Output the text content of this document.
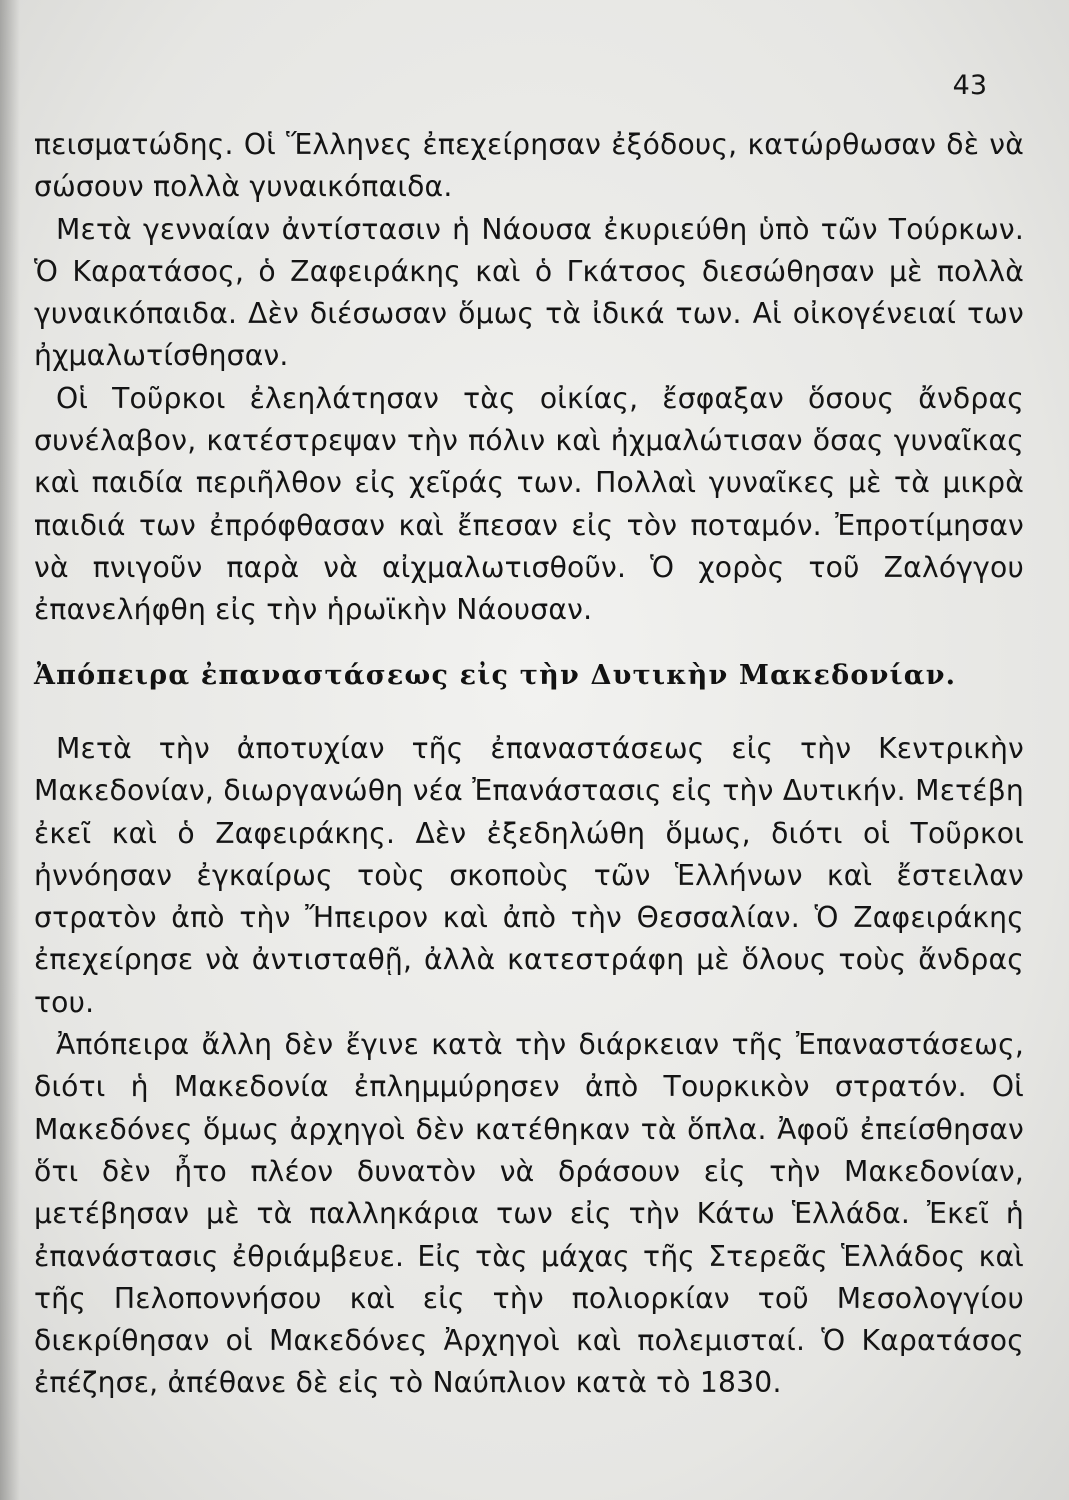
43

πεισματώδης. Οἱ Ἕλληνες ἐπεχείρησαν ἐξόδους, κατώρθωσαν δὲ νὰ σώσουν πολλὰ γυναικόπαιδα.

Μετὰ γενναίαν ἀντίστασιν ἡ Νάουσα ἐκυριεύθη ὑπὸ τῶν Τούρκων. Ὁ Καρατάσος, ὁ Ζαφειράκης καὶ ὁ Γκάτσος διεσώθησαν μὲ πολλὰ γυναικόπαιδα. Δὲν διέσωσαν ὅμως τὰ ἰδικά των. Αἱ οἰκογένειαί των ἠχμαλωτίσθησαν.

Οἱ Τοῦρκοι ἐλεηλάτησαν τὰς οἰκίας, ἔσφαξαν ὅσους ἄνδρας συνέλαβον, κατέστρεψαν τὴν πόλιν καὶ ἠχμαλώτισαν ὅσας γυναῖκας καὶ παιδία περιῆλθον εἰς χεῖράς των. Πολλαὶ γυναῖκες μὲ τὰ μικρὰ παιδιά των ἐπρόφθασαν καὶ ἔπεσαν εἰς τὸν ποταμόν. Ἐπροτίμησαν νὰ πνιγοῦν παρὰ νὰ αἰχμαλωτισθοῦν. Ὁ χορὸς τοῦ Ζαλόγγου ἐπανελήφθη εἰς τὴν ἡρωϊκὴν Νάουσαν.

Ἀπόπειρα ἐπαναστάσεως εἰς τὴν Δυτικὴν Μακεδονίαν.

Μετὰ τὴν ἀποτυχίαν τῆς ἐπαναστάσεως εἰς τὴν Κεντρικὴν Μακεδονίαν, διωργανώθη νέα Ἐπανάστασις εἰς τὴν Δυτικήν. Μετέβη ἐκεῖ καὶ ὁ Ζαφειράκης. Δὲν ἐξεδηλώθη ὅμως, διότι οἱ Τοῦρκοι ἠννόησαν ἐγκαίρως τοὺς σκοποὺς τῶν Ἑλλήνων καὶ ἔστειλαν στρατὸν ἀπὸ τὴν Ἤπειρον καὶ ἀπὸ τὴν Θεσσαλίαν. Ὁ Ζαφειράκης ἐπεχείρησε νὰ ἀντισταθῇ, ἀλλὰ κατεστράφη μὲ ὅλους τοὺς ἄνδρας του.

Ἀπόπειρα ἄλλη δὲν ἔγινε κατὰ τὴν διάρκειαν τῆς Ἐπαναστάσεως, διότι ἡ Μακεδονία ἐπλημμύρησεν ἀπὸ Τουρκικὸν στρατόν. Οἱ Μακεδόνες ὅμως ἀρχηγοὶ δὲν κατέθηκαν τὰ ὅπλα. Ἀφοῦ ἐπείσθησαν ὅτι δὲν ἦτο πλέον δυνατὸν νὰ δράσουν εἰς τὴν Μακεδονίαν, μετέβησαν μὲ τὰ παλληκάρια των εἰς τὴν Κάτω Ἑλλάδα. Ἐκεῖ ἡ ἐπανάστασις ἐθριάμβευε. Εἰς τὰς μάχας τῆς Στερεᾶς Ἑλλάδος καὶ τῆς Πελοποννήσου καὶ εἰς τὴν πολιορκίαν τοῦ Μεσολογγίου διεκρίθησαν οἱ Μακεδόνες Ἀρχηγοὶ καὶ πολεμισταί. Ὁ Καρατάσος ἐπέζησε, ἀπέθανε δὲ εἰς τὸ Ναύπλιον κατὰ τὸ 1830.
